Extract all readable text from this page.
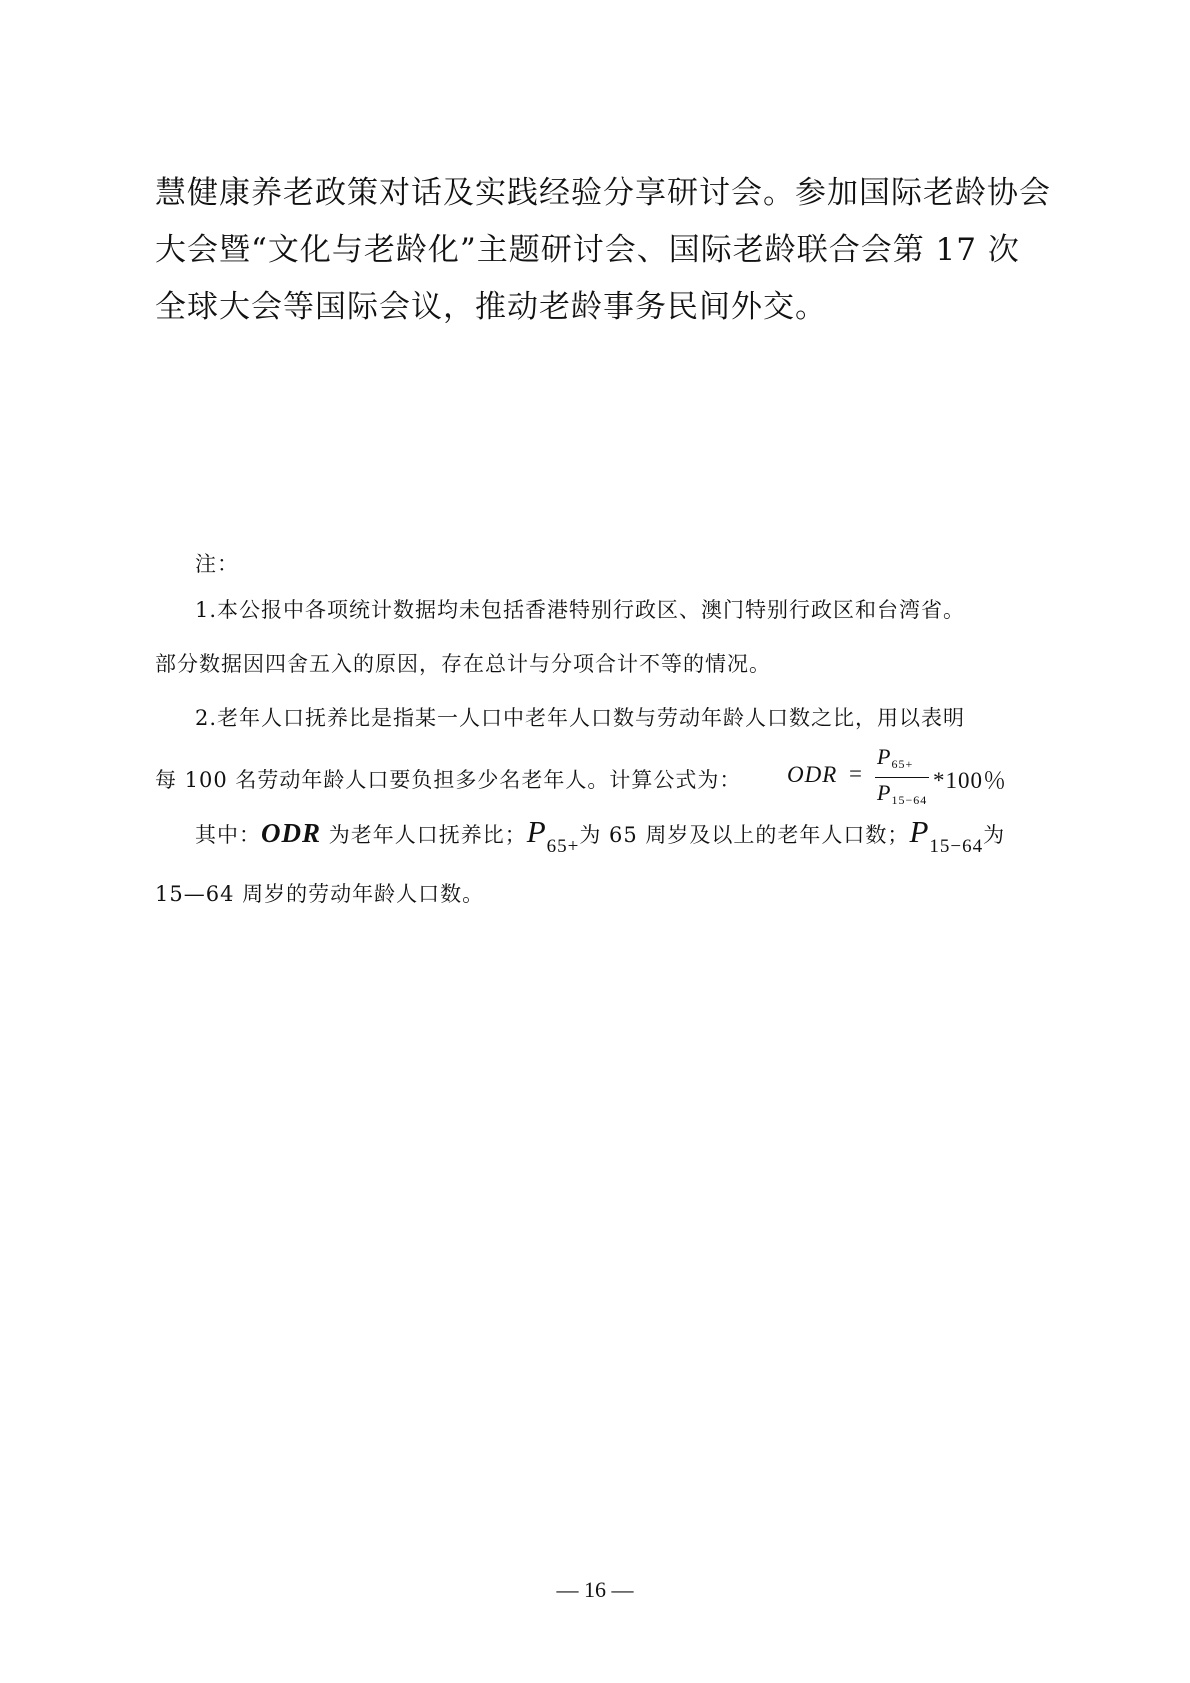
慧健康养老政策对话及实践经验分享研讨会。参加国际老龄协会
大会暨“文化与老龄化”主题研讨会、国际老龄联合会第 17 次
全球大会等国际会议，推动老龄事务民间外交。
注：
1.本公报中各项统计数据均未包括香港特别行政区、澳门特别行政区和台湾省。
部分数据因四舍五入的原因，存在总计与分项合计不等的情况。
2.老年人口抚养比是指某一人口中老年人口数与劳动年龄人口数之比，用以表明
每 100 名劳动年龄人口要负担多少名老年人。计算公式为： ODR =
$P_{65+}$
$P_{15-64}$
*100％
其中：ODR 为老年人口抚养比；P65+为 65 周岁及以上的老年人口数；P15−64为
15—64 周岁的劳动年龄人口数。
— 16 —
